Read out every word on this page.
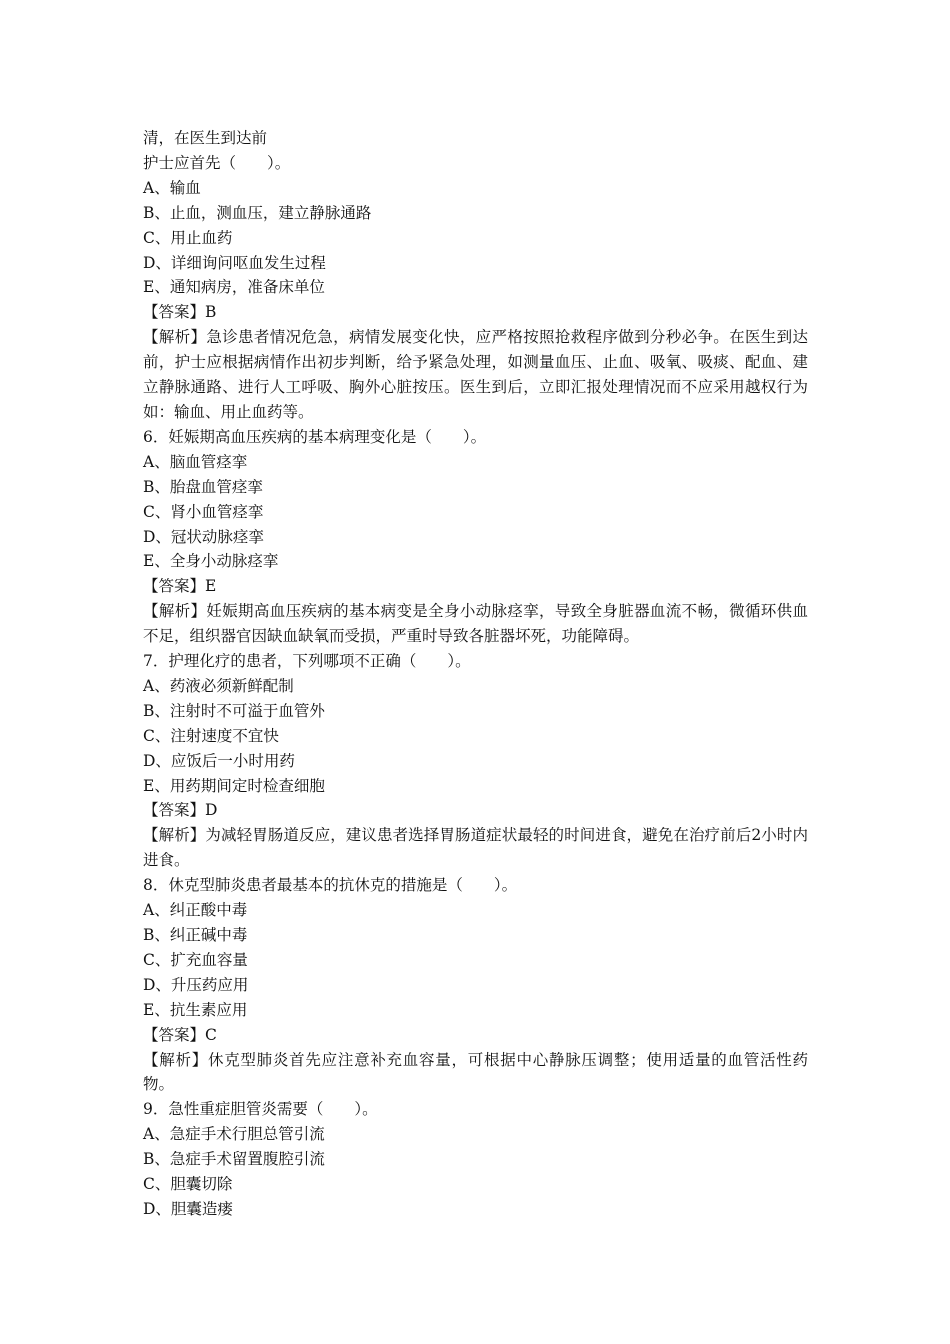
清，在医生到达前
护士应首先（　　）。
A、输血
B、止血，测血压，建立静脉通路
C、用止血药
D、详细询问呕血发生过程
E、通知病房，准备床单位
【答案】B
【解析】急诊患者情况危急，病情发展变化快，应严格按照抢救程序做到分秒必争。在医生到达前，护士应根据病情作出初步判断，给予紧急处理，如测量血压、止血、吸氧、吸痰、配血、建立静脉通路、进行人工呼吸、胸外心脏按压。医生到后，立即汇报处理情况而不应采用越权行为如：输血、用止血药等。
6．妊娠期高血压疾病的基本病理变化是（　　）。
A、脑血管痉挛
B、胎盘血管痉挛
C、肾小血管痉挛
D、冠状动脉痉挛
E、全身小动脉痉挛
【答案】E
【解析】妊娠期高血压疾病的基本病变是全身小动脉痉挛，导致全身脏器血流不畅，微循环供血不足，组织器官因缺血缺氧而受损，严重时导致各脏器坏死，功能障碍。
7．护理化疗的患者，下列哪项不正确（　　）。
A、药液必须新鲜配制
B、注射时不可溢于血管外
C、注射速度不宜快
D、应饭后一小时用药
E、用药期间定时检查细胞
【答案】D
【解析】为减轻胃肠道反应，建议患者选择胃肠道症状最轻的时间进食，避免在治疗前后2小时内进食。
8．休克型肺炎患者最基本的抗休克的措施是（　　）。
A、纠正酸中毒
B、纠正碱中毒
C、扩充血容量
D、升压药应用
E、抗生素应用
【答案】C
【解析】休克型肺炎首先应注意补充血容量，可根据中心静脉压调整；使用适量的血管活性药物。
9．急性重症胆管炎需要（　　）。
A、急症手术行胆总管引流
B、急症手术留置腹腔引流
C、胆囊切除
D、胆囊造瘘
